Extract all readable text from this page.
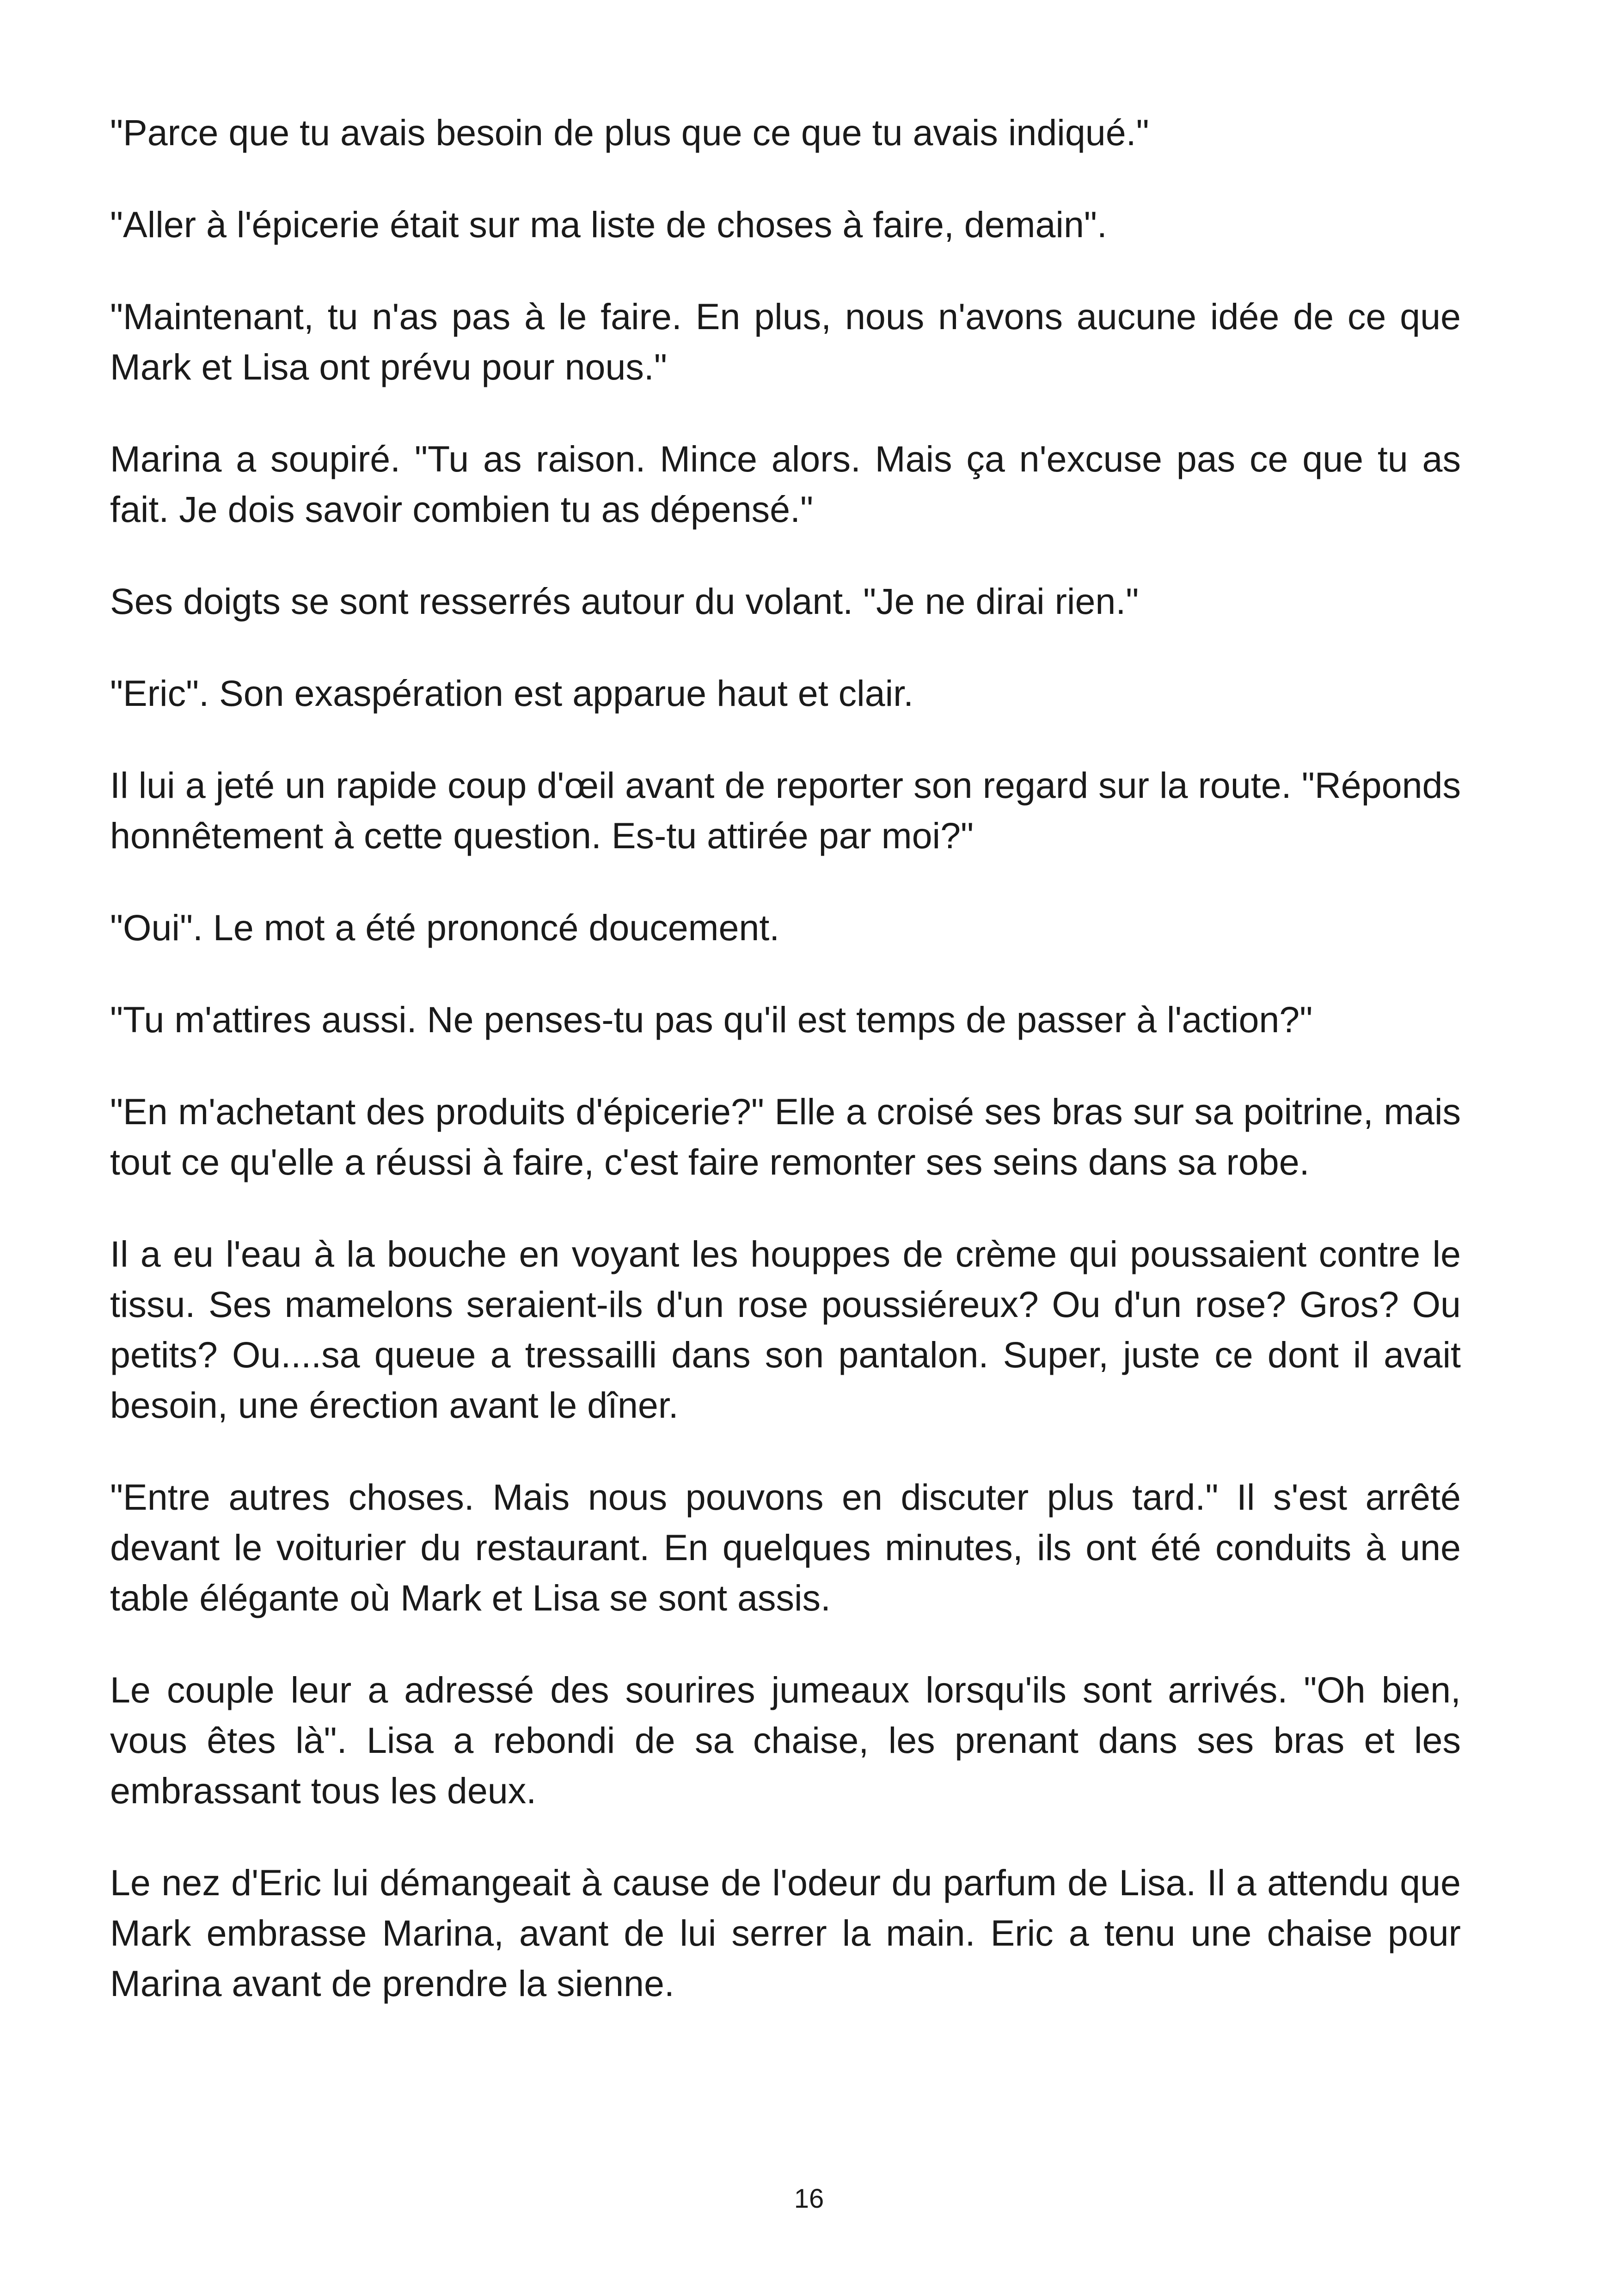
"Parce que tu avais besoin de plus que ce que tu avais indiqué."

"Aller à l'épicerie était sur ma liste de choses à faire, demain".

"Maintenant, tu n'as pas à le faire. En plus, nous n'avons aucune idée de ce que Mark et Lisa ont prévu pour nous."

Marina a soupiré. "Tu as raison. Mince alors. Mais ça n'excuse pas ce que tu as fait. Je dois savoir combien tu as dépensé."

Ses doigts se sont resserrés autour du volant. "Je ne dirai rien."

"Eric". Son exaspération est apparue haut et clair.

Il lui a jeté un rapide coup d'œil avant de reporter son regard sur la route. "Réponds honnêtement à cette question. Es-tu attirée par moi?"

"Oui". Le mot a été prononcé doucement.

"Tu m'attires aussi. Ne penses-tu pas qu'il est temps de passer à l'action?"

"En m'achetant des produits d'épicerie?" Elle a croisé ses bras sur sa poitrine, mais tout ce qu'elle a réussi à faire, c'est faire remonter ses seins dans sa robe.

Il a eu l'eau à la bouche en voyant les houppes de crème qui poussaient contre le tissu. Ses mamelons seraient-ils d'un rose poussiéreux? Ou d'un rose? Gros? Ou petits? Ou....sa queue a tressailli dans son pantalon. Super, juste ce dont il avait besoin, une érection avant le dîner.

"Entre autres choses. Mais nous pouvons en discuter plus tard." Il s'est arrêté devant le voiturier du restaurant. En quelques minutes, ils ont été conduits à une table élégante où Mark et Lisa se sont assis.

Le couple leur a adressé des sourires jumeaux lorsqu'ils sont arrivés. "Oh bien, vous êtes là". Lisa a rebondi de sa chaise, les prenant dans ses bras et les embrassant tous les deux.

Le nez d'Eric lui démangeait à cause de l'odeur du parfum de Lisa. Il a attendu que Mark embrasse Marina, avant de lui serrer la main. Eric a tenu une chaise pour Marina avant de prendre la sienne.

16
